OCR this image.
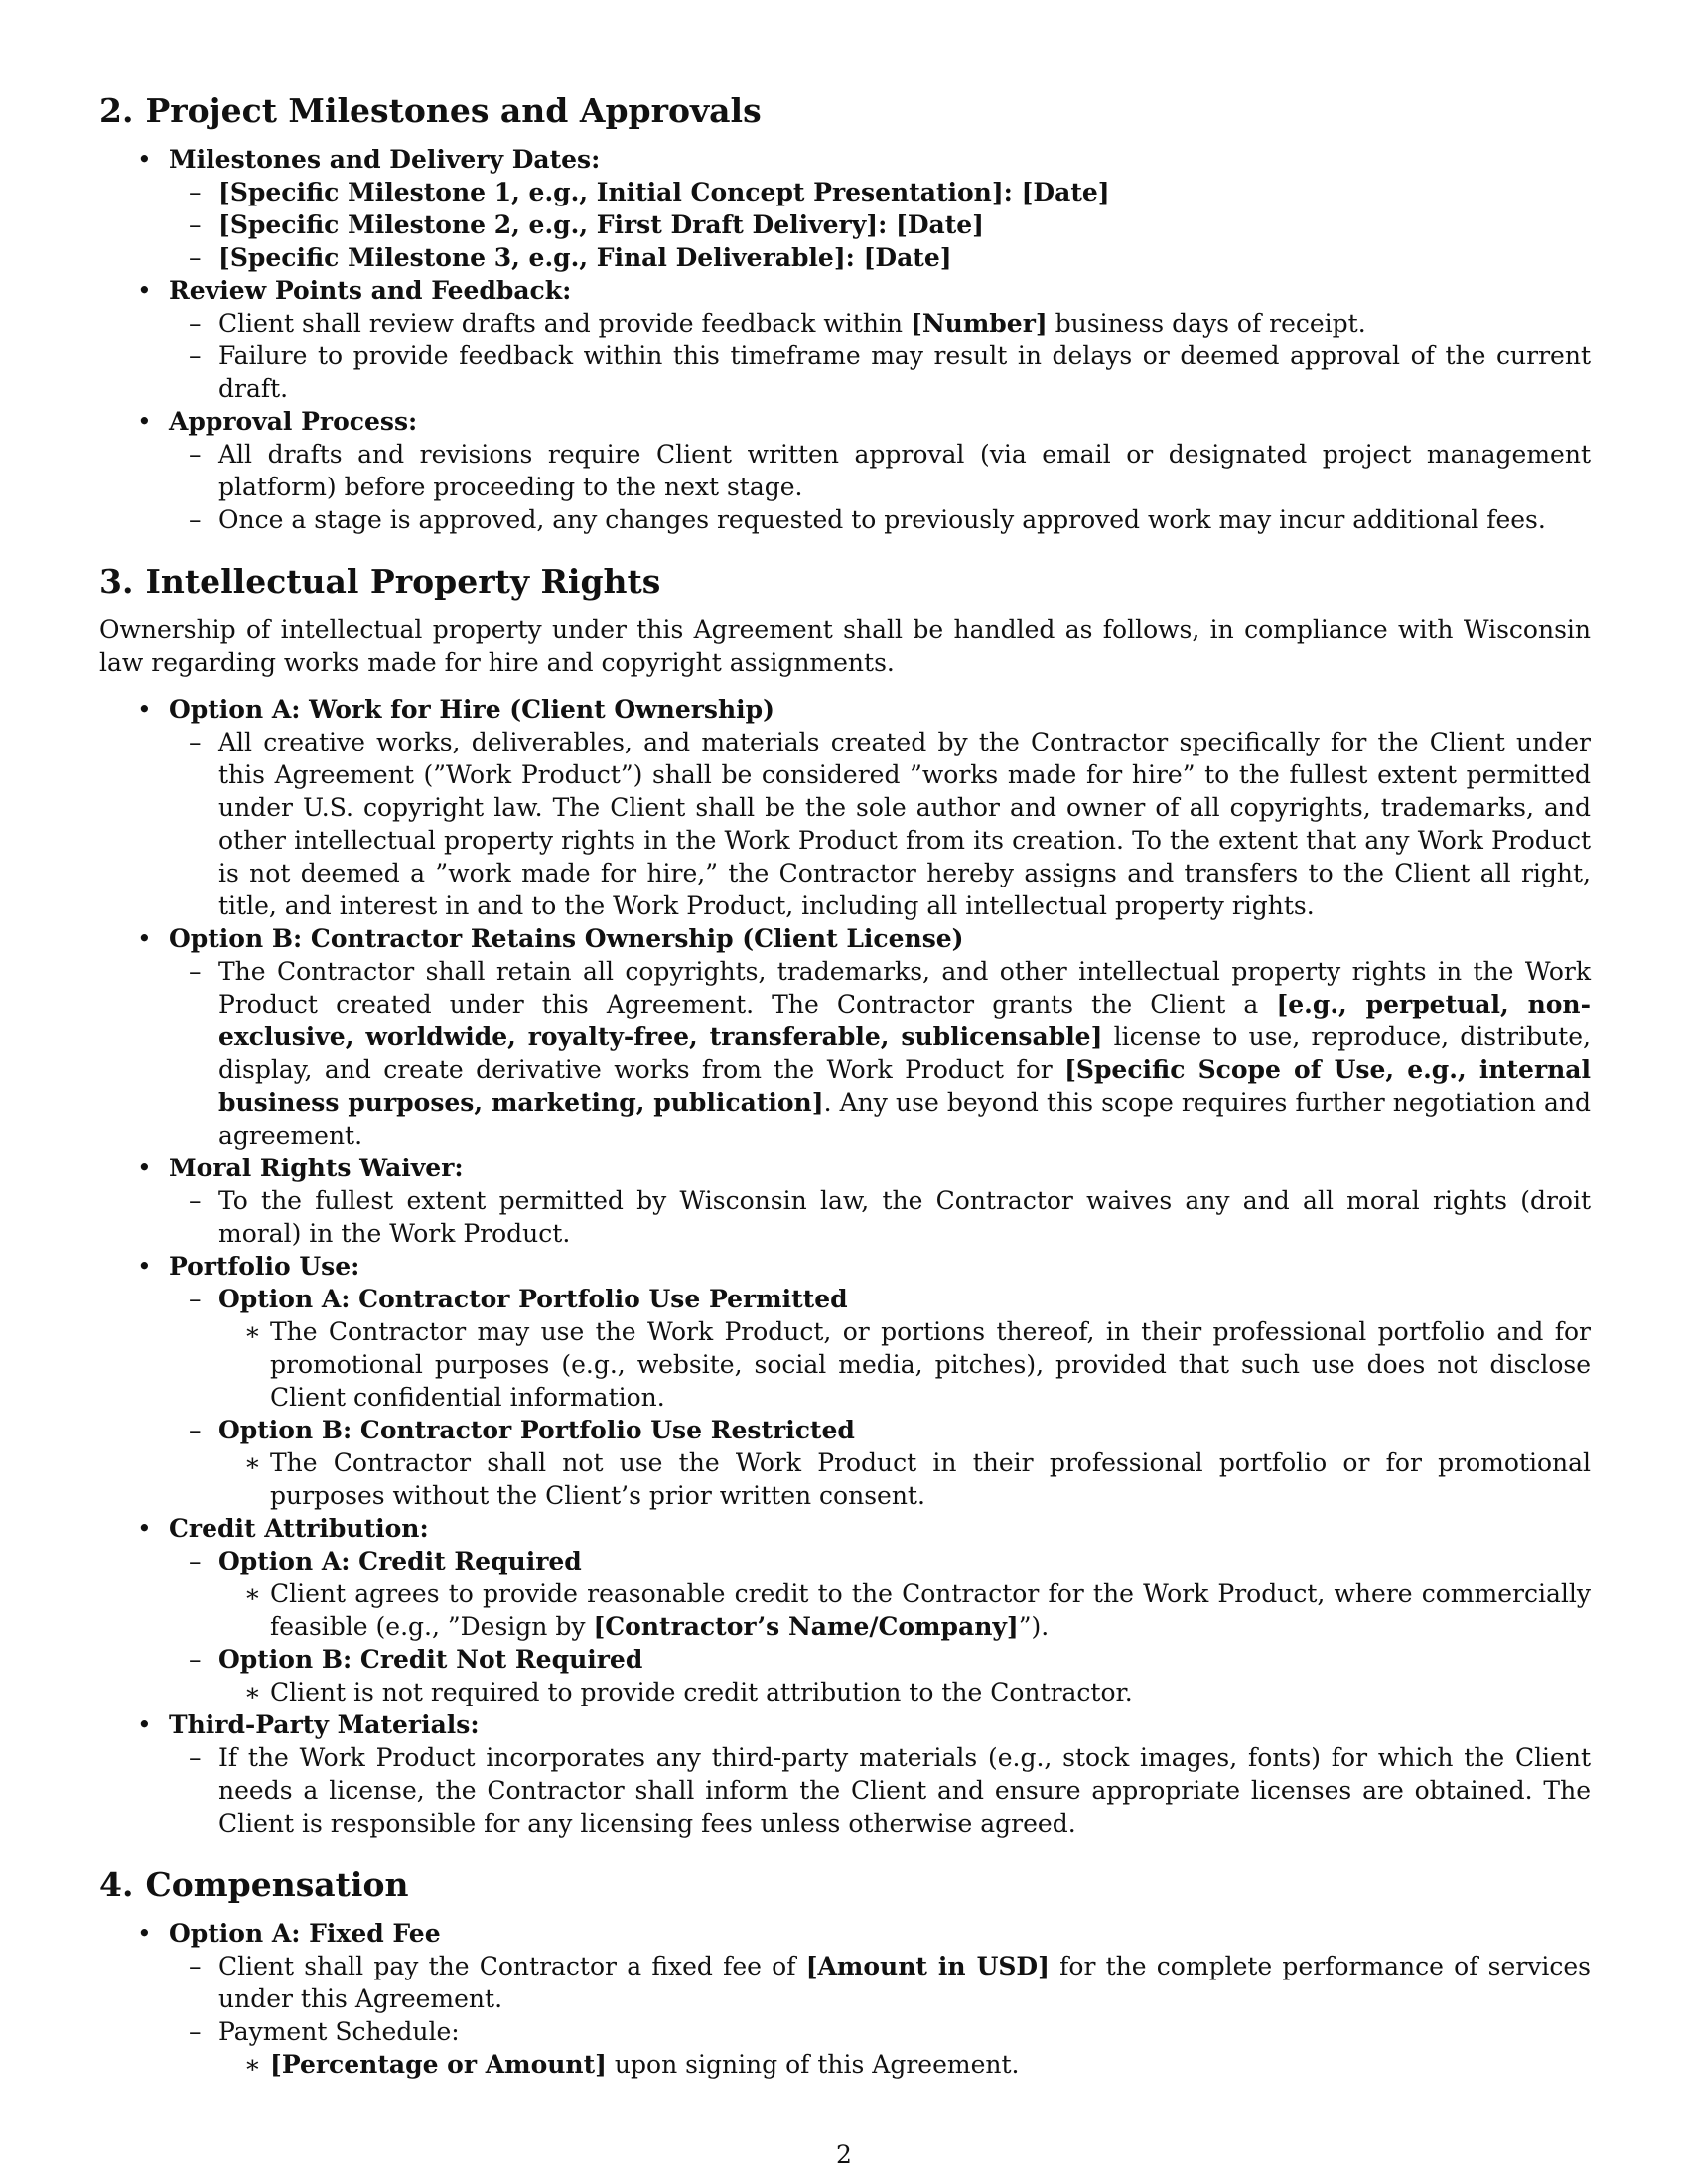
2. Project Milestones and Approvals
• Milestones and Delivery Dates:
– [Specific Milestone 1, e.g., Initial Concept Presentation]: [Date]
– [Specific Milestone 2, e.g., First Draft Delivery]: [Date]
– [Specific Milestone 3, e.g., Final Deliverable]: [Date]
• Review Points and Feedback:
– Client shall review drafts and provide feedback within [Number] business days of receipt.
– Failure to provide feedback within this timeframe may result in delays or deemed approval of the current draft.
• Approval Process:
– All drafts and revisions require Client written approval (via email or designated project management platform) before proceeding to the next stage.
– Once a stage is approved, any changes requested to previously approved work may incur additional fees.
3. Intellectual Property Rights

Ownership of intellectual property under this Agreement shall be handled as follows, in compliance with Wisconsin law regarding works made for hire and copyright assignments.

• Option A: Work for Hire (Client Ownership)
– All creative works, deliverables, and materials created by the Contractor specifically for the Client under this Agreement (”Work Product”) shall be considered ”works made for hire” to the fullest extent permitted under U.S. copyright law. The Client shall be the sole author and owner of all copyrights, trademarks, and other intellectual property rights in the Work Product from its creation. To the extent that any Work Product is not deemed a ”work made for hire,” the Contractor hereby assigns and transfers to the Client all right, title, and interest in and to the Work Product, including all intellectual property rights.
• Option B: Contractor Retains Ownership (Client License)
– The Contractor shall retain all copyrights, trademarks, and other intellectual property rights in the Work Product created under this Agreement. The Contractor grants the Client a [e.g., perpetual, non-exclusive, worldwide, royalty-free, transferable, sublicensable] license to use, reproduce, distribute, display, and create derivative works from the Work Product for [Specific Scope of Use, e.g., internal business purposes, marketing, publication]. Any use beyond this scope requires further negotiation and agreement.
• Moral Rights Waiver:
– To the fullest extent permitted by Wisconsin law, the Contractor waives any and all moral rights (droit moral) in the Work Product.
• Portfolio Use:
– Option A: Contractor Portfolio Use Permitted
∗ The Contractor may use the Work Product, or portions thereof, in their professional portfolio and for promotional purposes (e.g., website, social media, pitches), provided that such use does not disclose Client confidential information.
– Option B: Contractor Portfolio Use Restricted
∗ The Contractor shall not use the Work Product in their professional portfolio or for promotional purposes without the Client’s prior written consent.
• Credit Attribution:
– Option A: Credit Required
∗ Client agrees to provide reasonable credit to the Contractor for the Work Product, where commercially feasible (e.g., ”Design by [Contractor’s Name/Company]”).
– Option B: Credit Not Required
∗ Client is not required to provide credit attribution to the Contractor.
• Third-Party Materials:
– If the Work Product incorporates any third-party materials (e.g., stock images, fonts) for which the Client needs a license, the Contractor shall inform the Client and ensure appropriate licenses are obtained. The Client is responsible for any licensing fees unless otherwise agreed.
4. Compensation
• Option A: Fixed Fee
– Client shall pay the Contractor a fixed fee of [Amount in USD] for the complete performance of services under this Agreement.
– Payment Schedule:
∗ [Percentage or Amount] upon signing of this Agreement.
2
